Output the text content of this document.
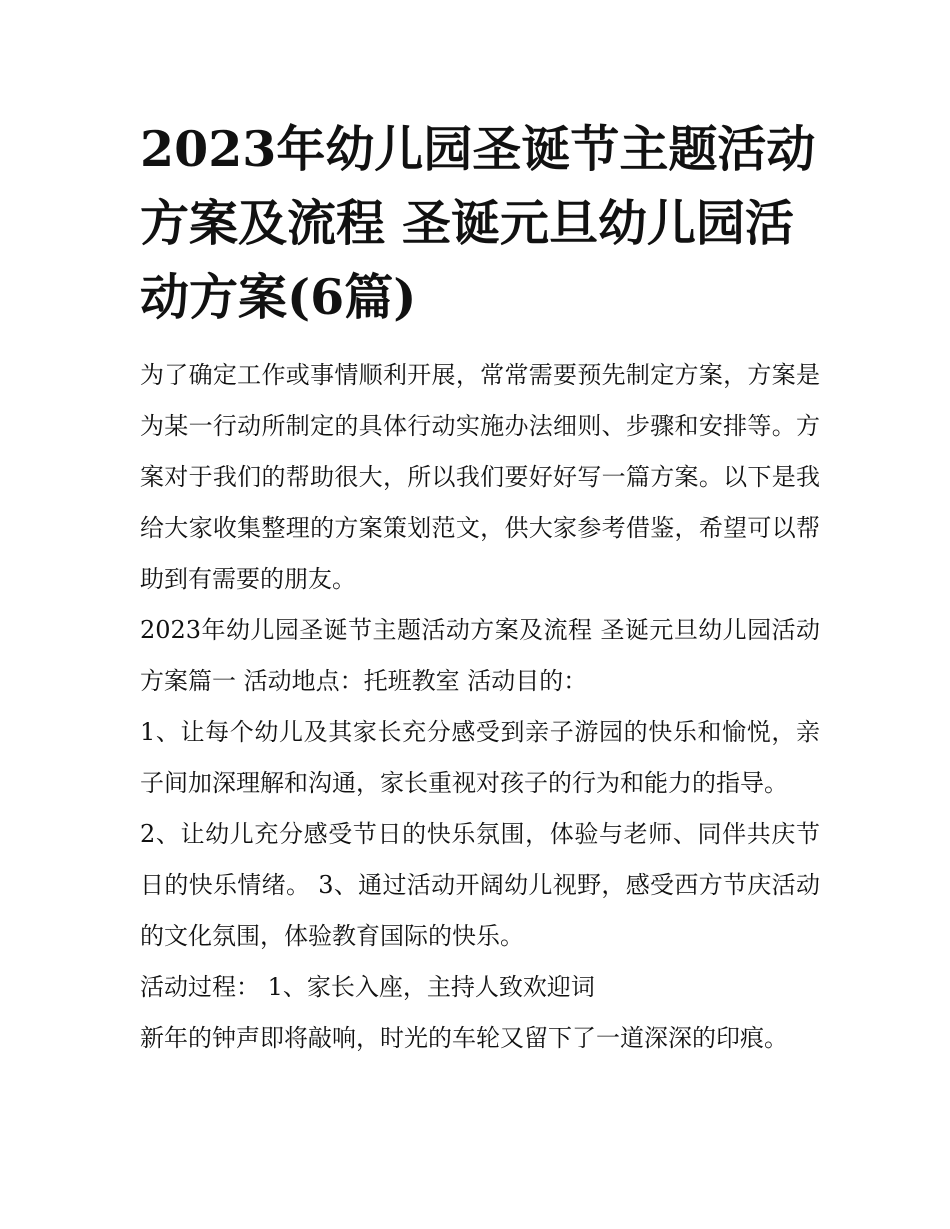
2023年幼儿园圣诞节主题活动方案及流程 圣诞元旦幼儿园活动方案(6篇)

为了确定工作或事情顺利开展，常常需要预先制定方案，方案是为某一行动所制定的具体行动实施办法细则、步骤和安排等。方案对于我们的帮助很大，所以我们要好好写一篇方案。以下是我给大家收集整理的方案策划范文，供大家参考借鉴，希望可以帮助到有需要的朋友。

2023年幼儿园圣诞节主题活动方案及流程 圣诞元旦幼儿园活动方案篇一 活动地点：托班教室 活动目的：

1、让每个幼儿及其家长充分感受到亲子游园的快乐和愉悦，亲子间加深理解和沟通，家长重视对孩子的行为和能力的指导。

2、让幼儿充分感受节日的快乐氛围，体验与老师、同伴共庆节日的快乐情绪。 3、通过活动开阔幼儿视野，感受西方节庆活动的文化氛围，体验教育国际的快乐。

活动过程： 1、家长入座，主持人致欢迎词

新年的钟声即将敲响，时光的车轮又留下了一道深深的印痕。
